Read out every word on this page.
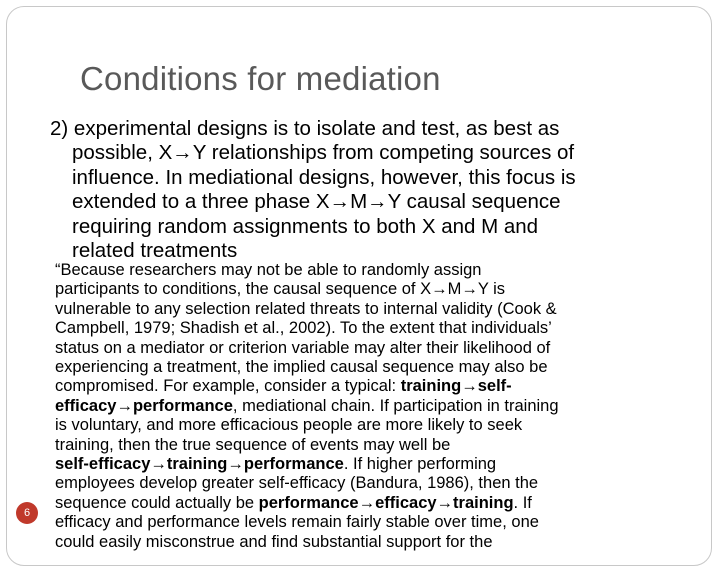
Conditions for mediation
2) experimental designs is to isolate and test, as best as
possible, X→Y relationships from competing sources of
influence. In mediational designs, however, this focus is
extended to a three phase X→M→Y causal sequence
requiring random assignments to both X and M and
related treatments
“Because researchers may not be able to randomly assign
participants to conditions, the causal sequence of X→M→Y is
vulnerable to any selection related threats to internal validity (Cook &
Campbell, 1979; Shadish et al., 2002). To the extent that individuals’
status on a mediator or criterion variable may alter their likelihood of
experiencing a treatment, the implied causal sequence may also be
compromised. For example, consider a typical: training→self-
efficacy→performance, mediational chain. If participation in training
is voluntary, and more efficacious people are more likely to seek
training, then the true sequence of events may well be
self-efficacy→training→performance. If higher performing
employees develop greater self-efficacy (Bandura, 1986), then the
sequence could actually be performance→efficacy→training. If
efficacy and performance levels remain fairly stable over time, one
could easily misconstrue and find substantial support for the
6
